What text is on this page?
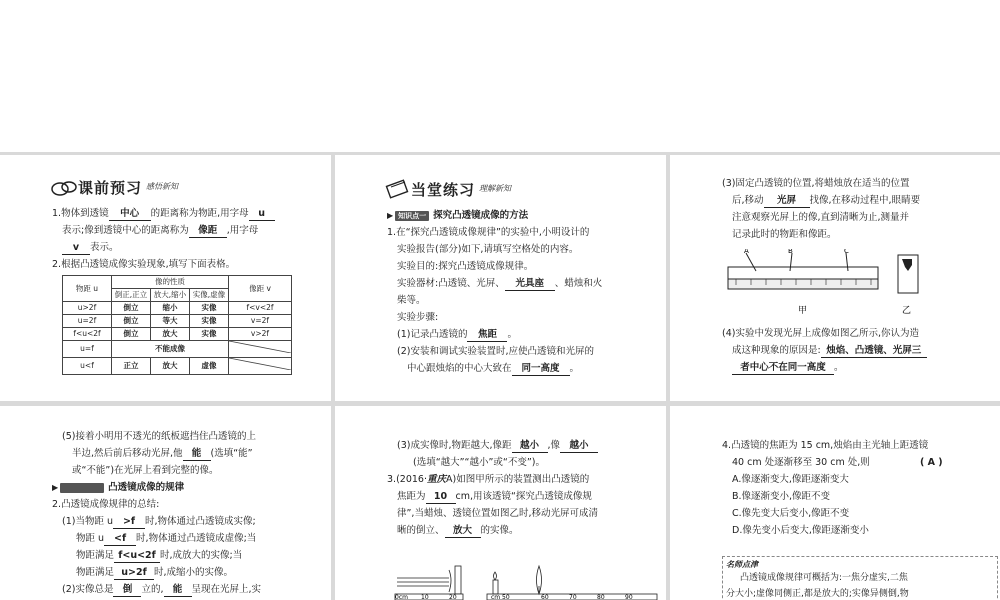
课前预习 感悟新知
1.物体到透镜 中心 的距离称为物距,用字母 u
表示;像到透镜中心的距离称为 像距 ,用字母
v 表示。
2.根据凸透镜成像实验现象,填写下面表格。
物距 u	像的性质			像距 v
	倒正,正立	放大,缩小	实像,虚像	
u>2f	倒立	缩小	实像	f<v<2f
u=2f	倒立	等大	实像	v=2f
f<u<2f	倒立	放大	实像	v>2f
u=f	不能成像	
u<f	正立	放大	虚像	
当堂练习 理解新知
▶ 知识点一 探究凸透镜成像的方法
1.在“探究凸透镜成像规律”的实验中,小明设计的
实验报告(部分)如下,请填写空格处的内容。
实验目的:探究凸透镜成像规律。
实验器材:凸透镜、光屏、 光具座 、蜡烛和火
柴等。
实验步骤:
(1)记录凸透镜的 焦距 。
(2)安装和调试实验装置时,应使凸透镜和光屏的
中心跟烛焰的中心大致在 同一高度 。
(3)固定凸透镜的位置,将蜡烛放在适当的位置
后,移动 光屏 找像,在移动过程中,眼睛要
注意观察光屏上的像,直到清晰为止,测量并
记录此时的物距和像距。
A	B	C
甲	乙
(4)实验中发现光屏上成像如图乙所示,你认为造
成这种现象的原因是: 烛焰、凸透镜、光屏三
者中心不在同一高度 。
(5)接着小明用不透光的纸板遮挡住凸透镜的上
半边,然后前后移动光屏,他 能 (选填“能”
或“不能”)在光屏上看到完整的像。
▶	凸透镜成像的规律
2.凸透镜成像规律的总结:
(1)当物距 u >f 时,物体通过凸透镜成实像;
物距 u <f 时,物体通过凸透镜成虚像;当
物距满足 f<u<2f 时,成放大的实像;当
物距满足 u>2f 时,成缩小的实像。
(2)实像总是 倒 立的, 能 呈现在光屏上,实
(3)成实像时,物距越大,像距 越小 ,像 越小
(选填“越大”“越小”或“不变”)。
3.(2016·重庆A)如图甲所示的装置测出凸透镜的
焦距为 10 cm,用该透镜“探究凸透镜成像规
律”,当蜡烛、透镜位置如图乙时,移动光屏可成清
晰的倒立、 放大 的实像。
0cm 10	20	cm 50	60	70	80	90
4.凸透镜的焦距为 15 cm,烛焰由主光轴上距透镜
40 cm 处逐渐移至 30 cm 处,则	( A )
A.像逐渐变大,像距逐渐变大
B.像逐渐变小,像距不变
C.像先变大后变小,像距不变
D.像先变小后变大,像距逐渐变小
名师点津
凸透镜成像规律可概括为:一焦分虚实,二焦
分大小;虚像同侧正,都是放大的;实像异侧倒,物
